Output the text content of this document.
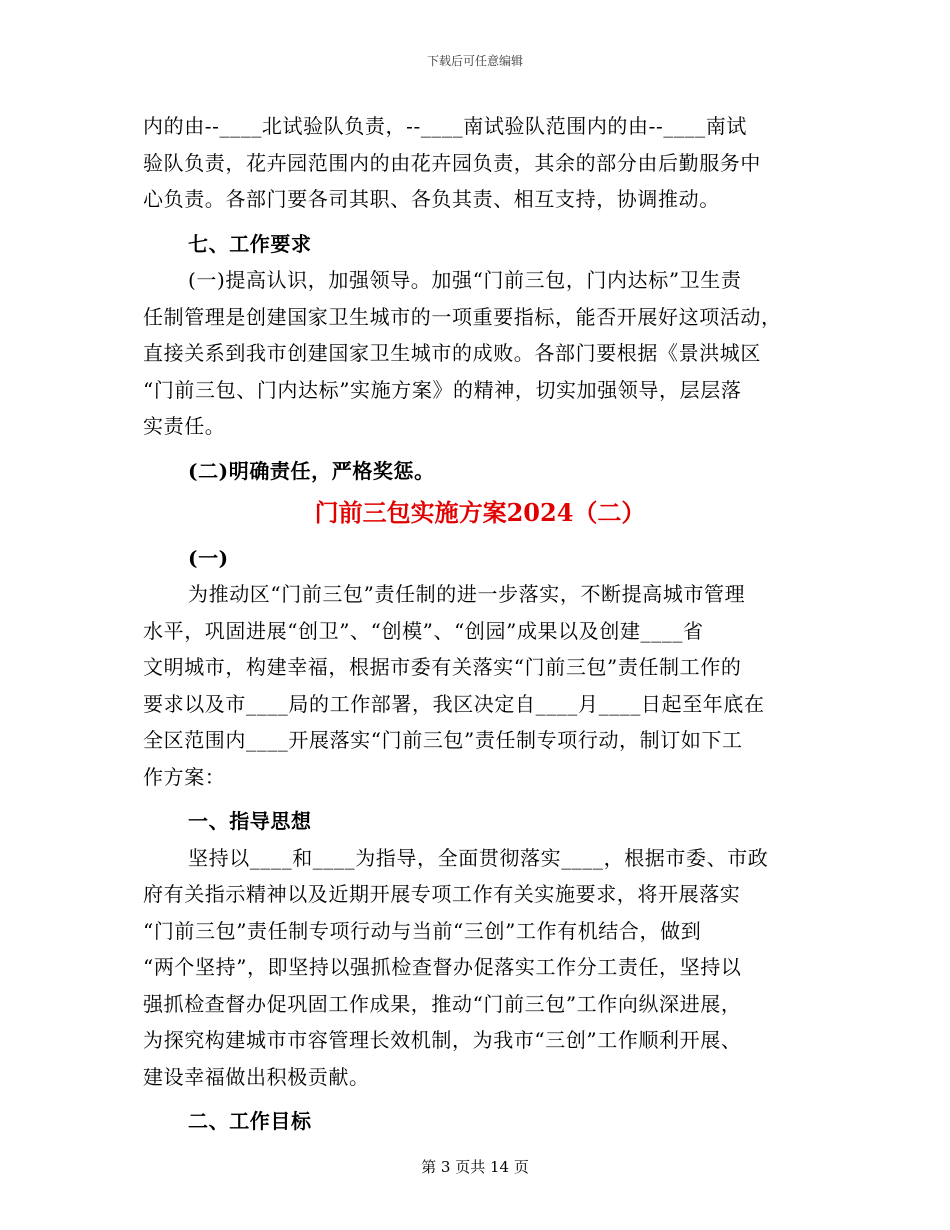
下载后可任意编辑
内的由--____北试验队负责，--____南试验队范围内的由--____南试
验队负责，花卉园范围内的由花卉园负责，其余的部分由后勤服务中
心负责。各部门要各司其职、各负其责、相互支持，协调推动。
七、工作要求
(一)提高认识，加强领导。加强“门前三包，门内达标”卫生责
任制管理是创建国家卫生城市的一项重要指标，能否开展好这项活动，
直接关系到我市创建国家卫生城市的成败。各部门要根据《景洪城区
“门前三包、门内达标”实施方案》的精神，切实加强领导，层层落
实责任。
(二)明确责任，严格奖惩。
门前三包实施方案2024（二）
(一)
为推动区“门前三包”责任制的进一步落实，不断提高城市管理
水平，巩固进展“创卫”、“创模”、“创园”成果以及创建____省
文明城市，构建幸福，根据市委有关落实“门前三包”责任制工作的
要求以及市____局的工作部署，我区决定自____月____日起至年底在
全区范围内____开展落实“门前三包”责任制专项行动，制订如下工
作方案：
一、指导思想
坚持以____和____为指导，全面贯彻落实____，根据市委、市政
府有关指示精神以及近期开展专项工作有关实施要求，将开展落实
“门前三包”责任制专项行动与当前“三创”工作有机结合，做到
“两个坚持”，即坚持以强抓检查督办促落实工作分工责任，坚持以
强抓检查督办促巩固工作成果，推动“门前三包”工作向纵深进展，
为探究构建城市市容管理长效机制，为我市“三创”工作顺利开展、
建设幸福做出积极贡献。
二、工作目标
第 3 页共 14 页
